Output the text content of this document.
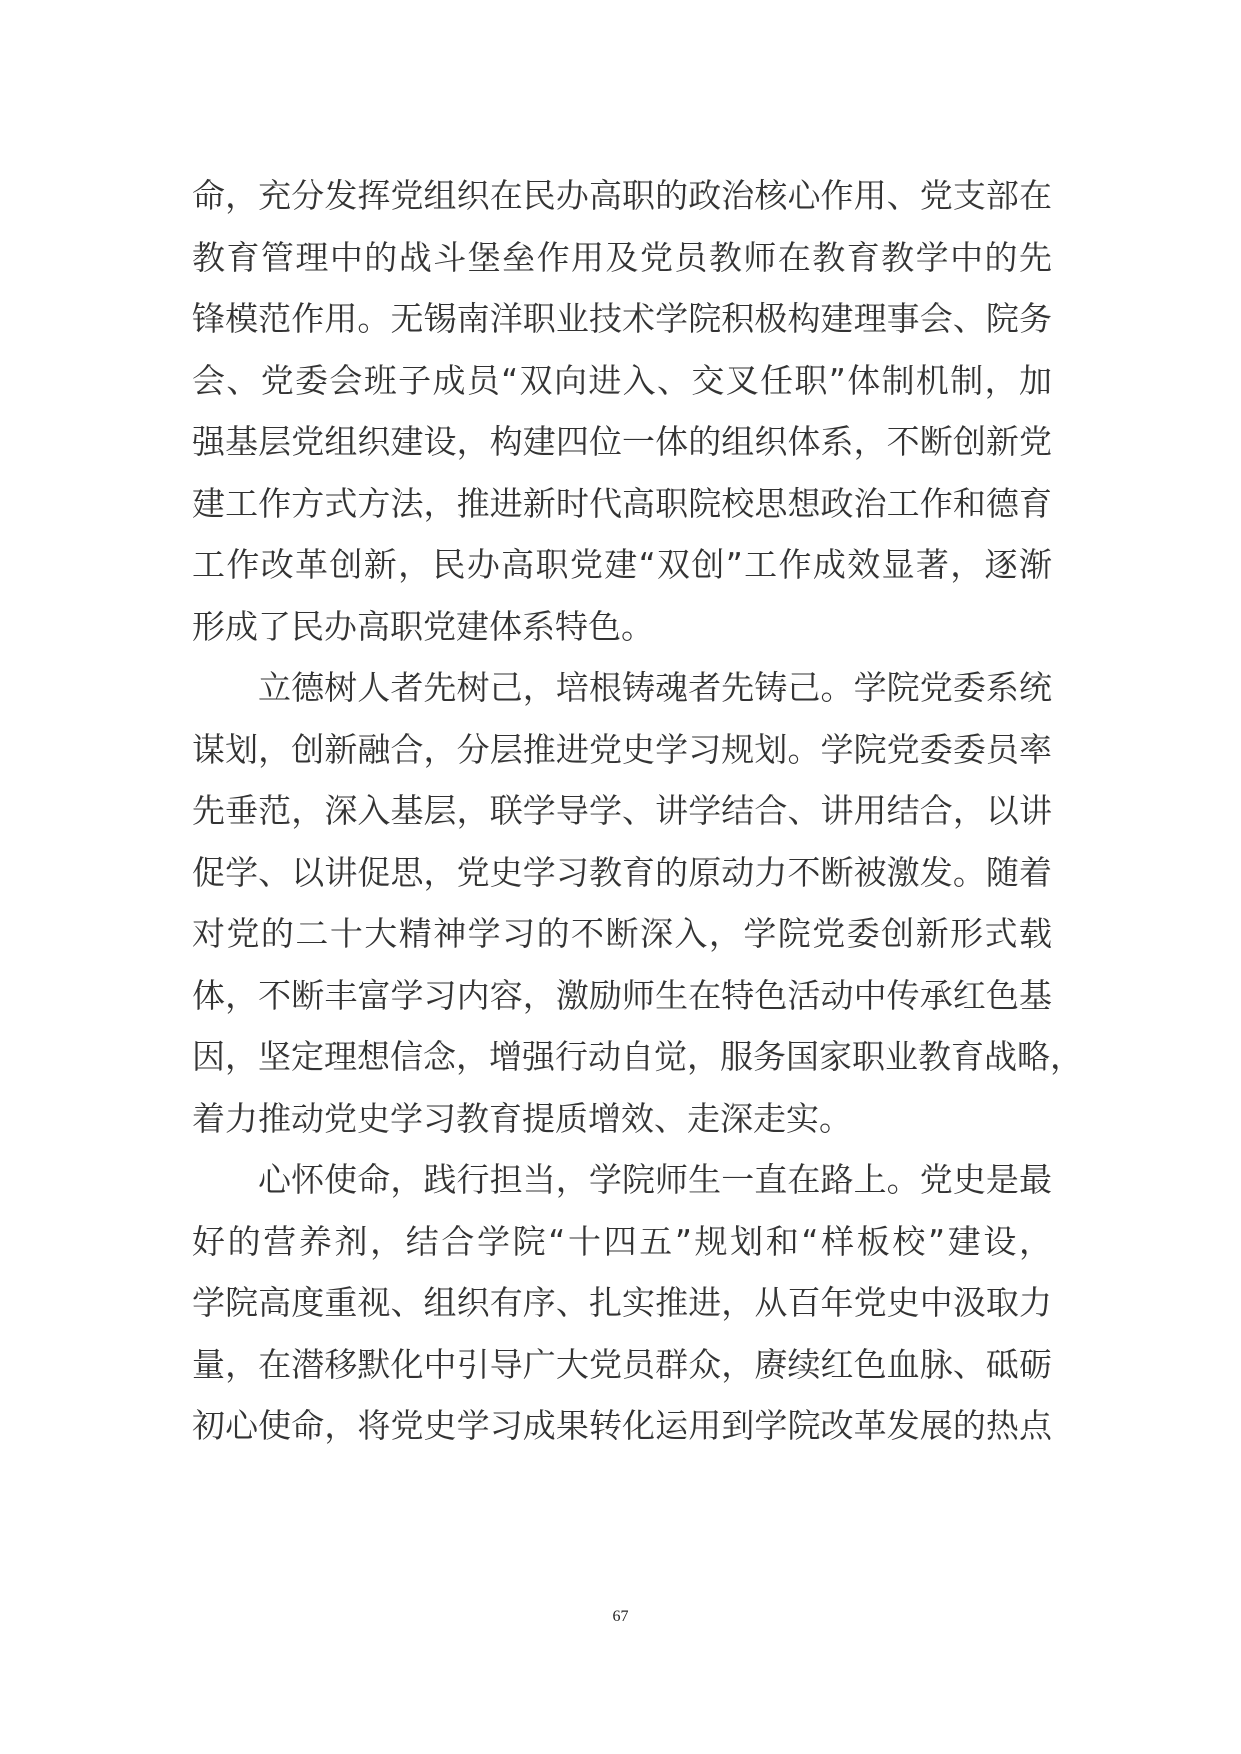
命，充分发挥党组织在民办高职的政治核心作用、党支部在
教育管理中的战斗堡垒作用及党员教师在教育教学中的先
锋模范作用。无锡南洋职业技术学院积极构建理事会、院务
会、党委会班子成员“双向进入、交叉任职”体制机制，加
强基层党组织建设，构建四位一体的组织体系，不断创新党
建工作方式方法，推进新时代高职院校思想政治工作和德育
工作改革创新，民办高职党建“双创”工作成效显著，逐渐
形成了民办高职党建体系特色。
立德树人者先树己，培根铸魂者先铸己。学院党委系统
谋划，创新融合，分层推进党史学习规划。学院党委委员率
先垂范，深入基层，联学导学、讲学结合、讲用结合，以讲
促学、以讲促思，党史学习教育的原动力不断被激发。随着
对党的二十大精神学习的不断深入，学院党委创新形式载
体，不断丰富学习内容，激励师生在特色活动中传承红色基
因，坚定理想信念，增强行动自觉，服务国家职业教育战略，
着力推动党史学习教育提质增效、走深走实。
心怀使命，践行担当，学院师生一直在路上。党史是最
好的营养剂，结合学院“十四五”规划和“样板校”建设，
学院高度重视、组织有序、扎实推进，从百年党史中汲取力
量，在潜移默化中引导广大党员群众，赓续红色血脉、砥砺
初心使命，将党史学习成果转化运用到学院改革发展的热点
67
